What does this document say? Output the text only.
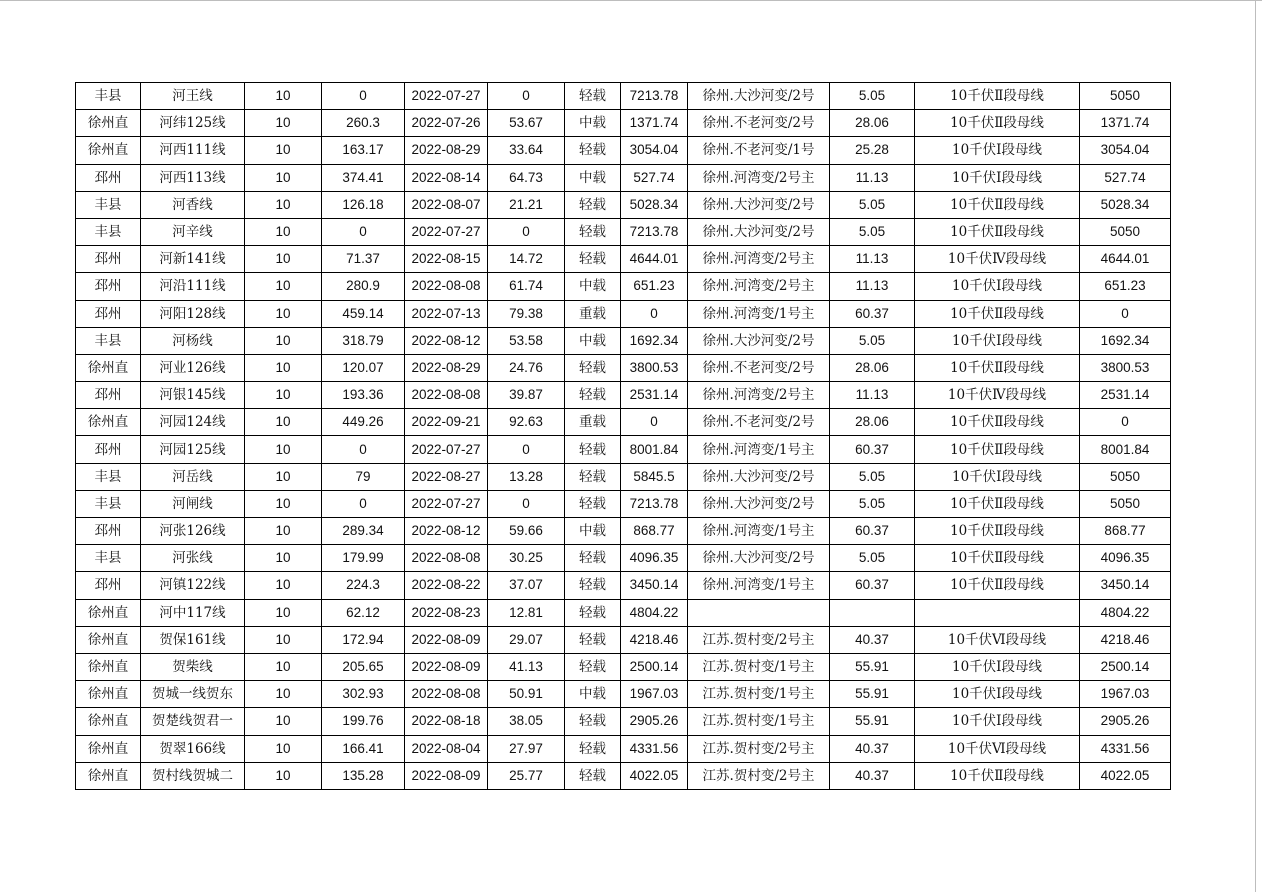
丰县	河王线	10	0	2022-07-27	0	轻载	7213.78	徐州.大沙河变/2号	5.05	10千伏Ⅱ段母线	5050
徐州直	河纬125线	10	260.3	2022-07-26	53.67	中载	1371.74	徐州.不老河变/2号	28.06	10千伏Ⅱ段母线	1371.74
徐州直	河西111线	10	163.17	2022-08-29	33.64	轻载	3054.04	徐州.不老河变/1号	25.28	10千伏Ⅰ段母线	3054.04
邳州	河西113线	10	374.41	2022-08-14	64.73	中载	527.74	徐州.河湾变/2号主	11.13	10千伏Ⅰ段母线	527.74
丰县	河香线	10	126.18	2022-08-07	21.21	轻载	5028.34	徐州.大沙河变/2号	5.05	10千伏Ⅱ段母线	5028.34
丰县	河辛线	10	0	2022-07-27	0	轻载	7213.78	徐州.大沙河变/2号	5.05	10千伏Ⅱ段母线	5050
邳州	河新141线	10	71.37	2022-08-15	14.72	轻载	4644.01	徐州.河湾变/2号主	11.13	10千伏Ⅳ段母线	4644.01
邳州	河沿111线	10	280.9	2022-08-08	61.74	中载	651.23	徐州.河湾变/2号主	11.13	10千伏Ⅰ段母线	651.23
邳州	河阳128线	10	459.14	2022-07-13	79.38	重载	0	徐州.河湾变/1号主	60.37	10千伏Ⅱ段母线	0
丰县	河杨线	10	318.79	2022-08-12	53.58	中载	1692.34	徐州.大沙河变/2号	5.05	10千伏Ⅰ段母线	1692.34
徐州直	河业126线	10	120.07	2022-08-29	24.76	轻载	3800.53	徐州.不老河变/2号	28.06	10千伏Ⅱ段母线	3800.53
邳州	河银145线	10	193.36	2022-08-08	39.87	轻载	2531.14	徐州.河湾变/2号主	11.13	10千伏Ⅳ段母线	2531.14
徐州直	河园124线	10	449.26	2022-09-21	92.63	重载	0	徐州.不老河变/2号	28.06	10千伏Ⅱ段母线	0
邳州	河园125线	10	0	2022-07-27	0	轻载	8001.84	徐州.河湾变/1号主	60.37	10千伏Ⅱ段母线	8001.84
丰县	河岳线	10	79	2022-08-27	13.28	轻载	5845.5	徐州.大沙河变/2号	5.05	10千伏Ⅰ段母线	5050
丰县	河闸线	10	0	2022-07-27	0	轻载	7213.78	徐州.大沙河变/2号	5.05	10千伏Ⅱ段母线	5050
邳州	河张126线	10	289.34	2022-08-12	59.66	中载	868.77	徐州.河湾变/1号主	60.37	10千伏Ⅱ段母线	868.77
丰县	河张线	10	179.99	2022-08-08	30.25	轻载	4096.35	徐州.大沙河变/2号	5.05	10千伏Ⅱ段母线	4096.35
邳州	河镇122线	10	224.3	2022-08-22	37.07	轻载	3450.14	徐州.河湾变/1号主	60.37	10千伏Ⅱ段母线	3450.14
徐州直	河中117线	10	62.12	2022-08-23	12.81	轻载	4804.22				4804.22
徐州直	贺保161线	10	172.94	2022-08-09	29.07	轻载	4218.46	江苏.贺村变/2号主	40.37	10千伏Ⅵ段母线	4218.46
徐州直	贺柴线	10	205.65	2022-08-09	41.13	轻载	2500.14	江苏.贺村变/1号主	55.91	10千伏Ⅰ段母线	2500.14
徐州直	贺城一线贺东	10	302.93	2022-08-08	50.91	中载	1967.03	江苏.贺村变/1号主	55.91	10千伏Ⅰ段母线	1967.03
徐州直	贺楚线贺君一	10	199.76	2022-08-18	38.05	轻载	2905.26	江苏.贺村变/1号主	55.91	10千伏Ⅰ段母线	2905.26
徐州直	贺翠166线	10	166.41	2022-08-04	27.97	轻载	4331.56	江苏.贺村变/2号主	40.37	10千伏Ⅵ段母线	4331.56
徐州直	贺村线贺城二	10	135.28	2022-08-09	25.77	轻载	4022.05	江苏.贺村变/2号主	40.37	10千伏Ⅱ段母线	4022.05
